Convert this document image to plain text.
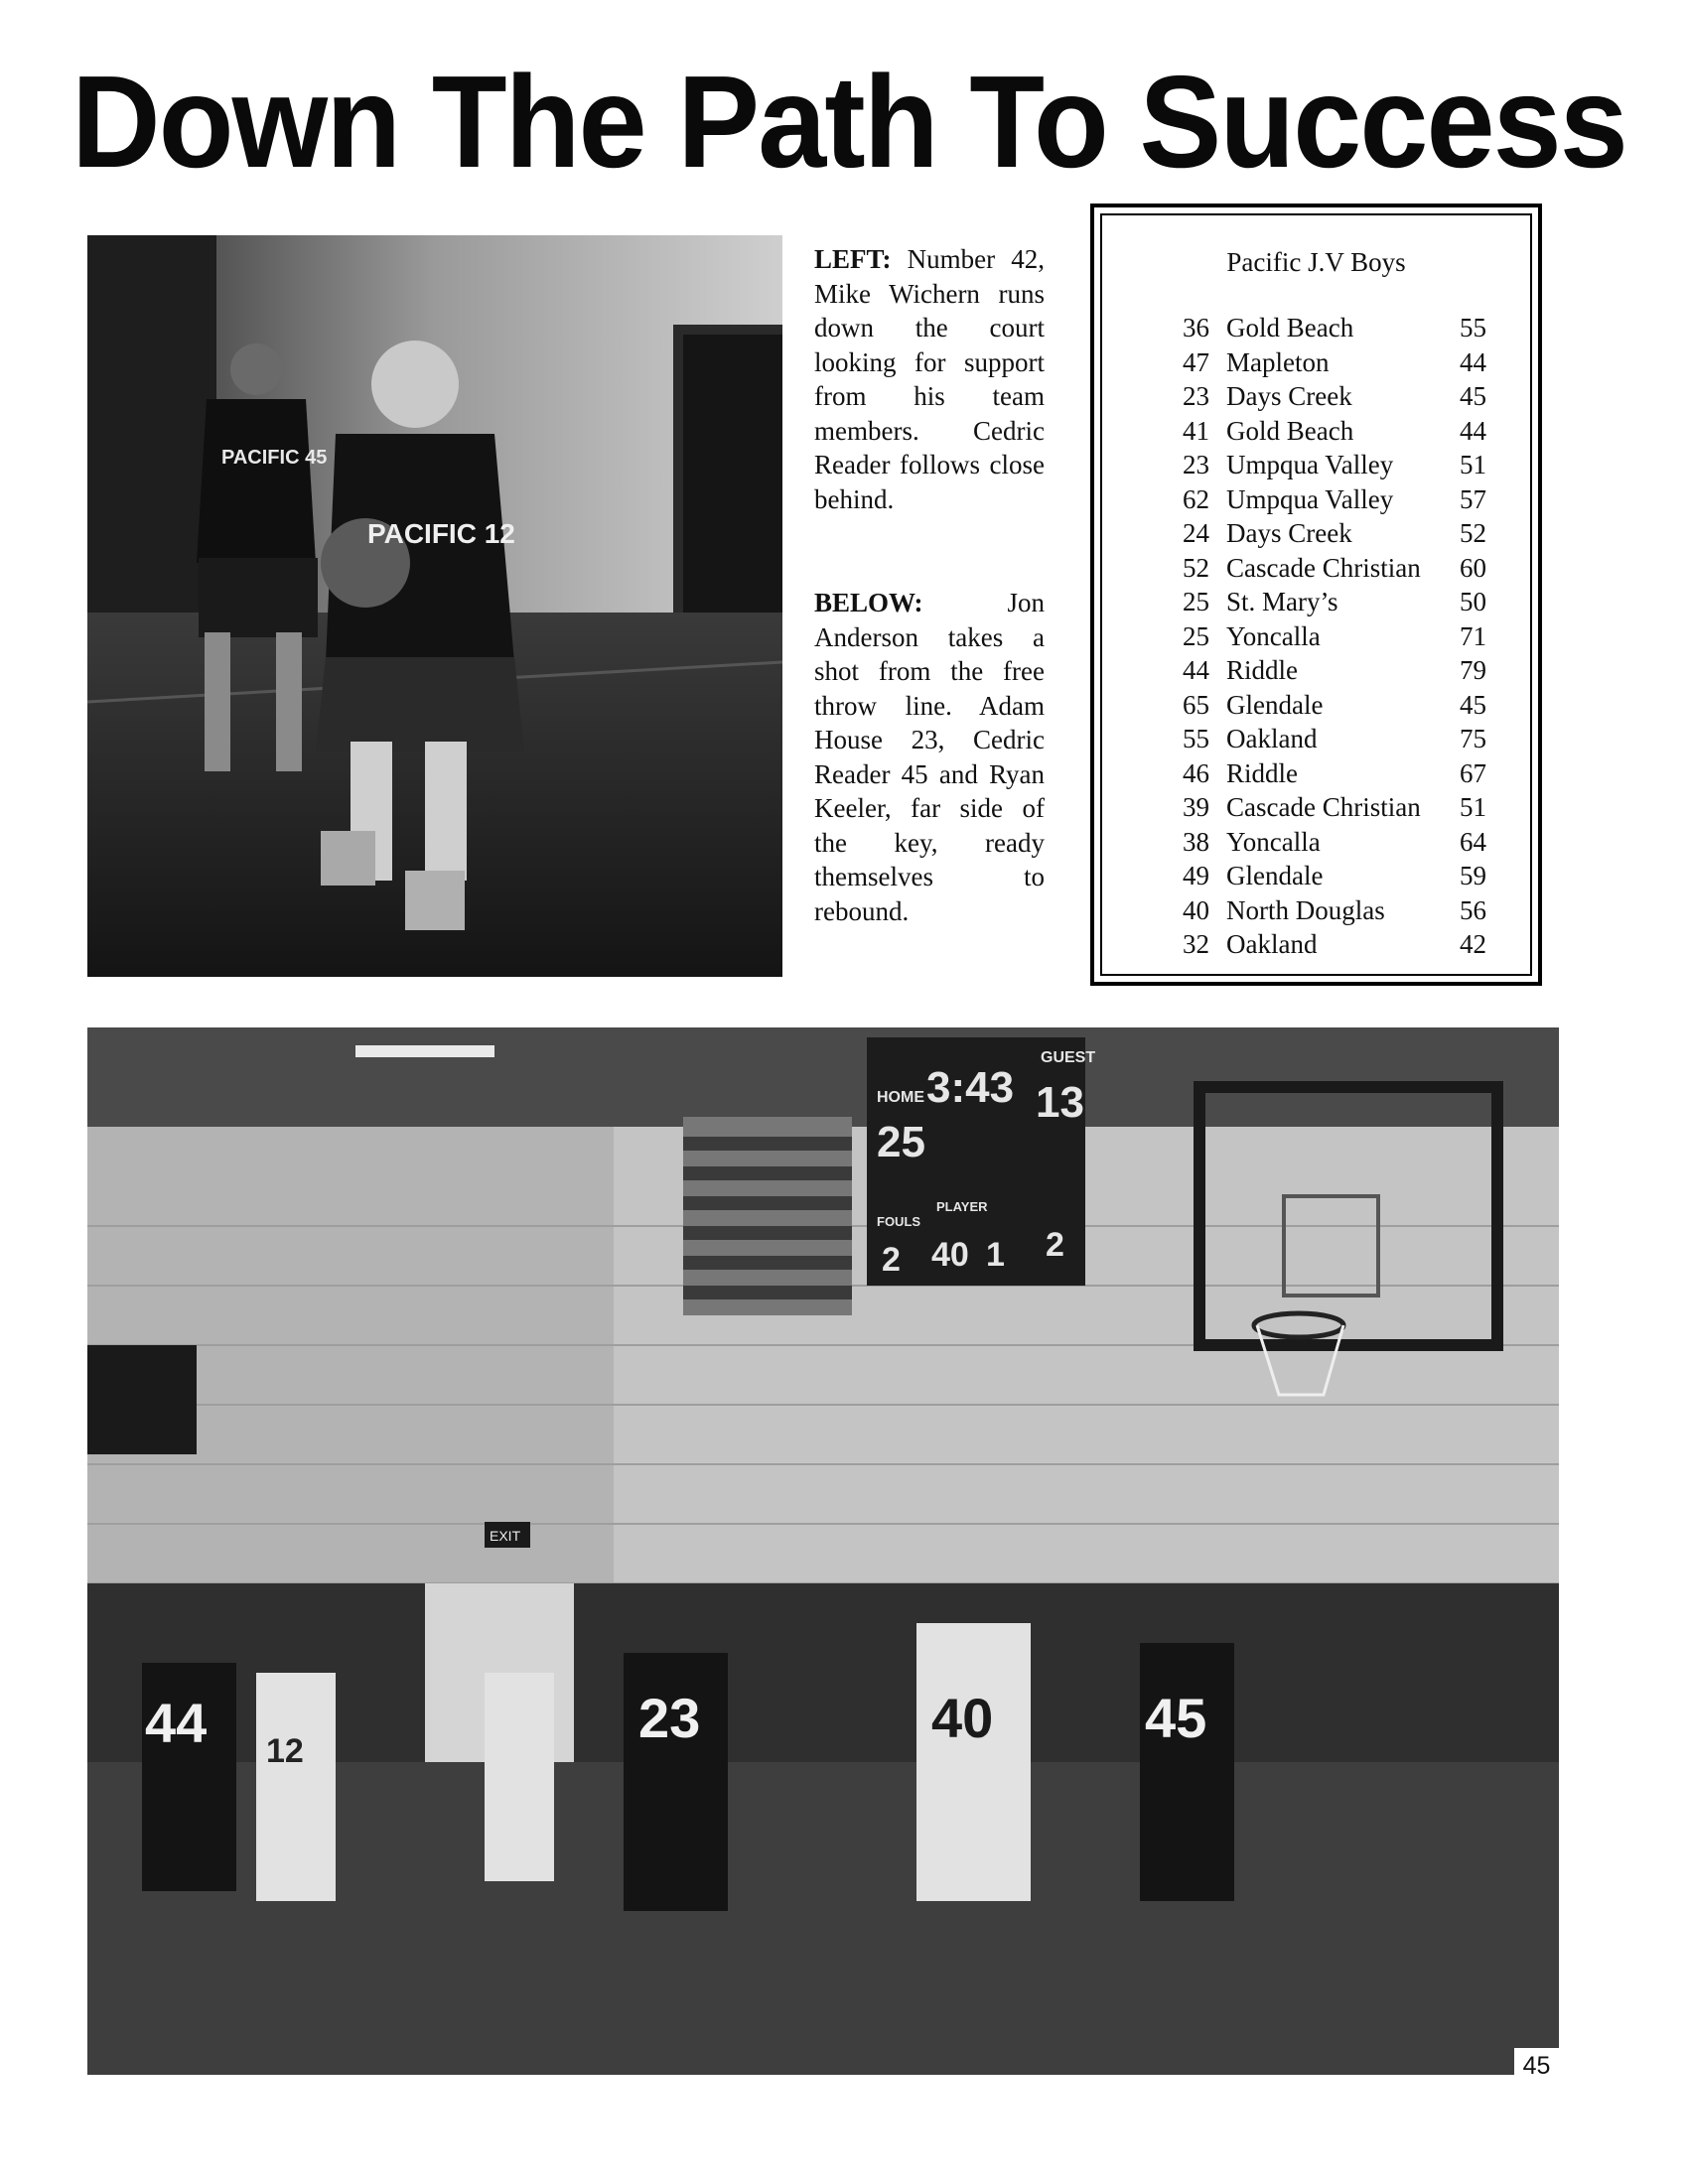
Down The Path To Success
PACIFIC 45
PACIFIC 12
LEFT: Number 42, Mike Wichern runs down the court looking for support from his team members. Cedric Reader follows close behind.
BELOW:	Jon Anderson takes a shot from the free throw line. Adam House 23, Cedric Reader 45 and Ryan Keeler, far side of the key, ready themselves to rebound.
Pacific J.V Boys
36 Gold Beach	55
47 Mapleton	44
23 Days Creek	45
41 Gold Beach	44
23 Umpqua Valley	51
62 Umpqua Valley	57
24 Days Creek	52
52 Cascade Christian	60
25 St. Mary’s	50
25 Yoncalla	71
44 Riddle	79
65 Glendale	45
55 Oakland	75
46 Riddle	67
39 Cascade Christian	51
38 Yoncalla	64
49 Glendale	59
40 North Douglas	56
32 Oakland	42
HOME
GUEST
3:43
25
13
FOULS
PLAYER
2 40 1 2
EXIT
44 12
23	40	45
45
